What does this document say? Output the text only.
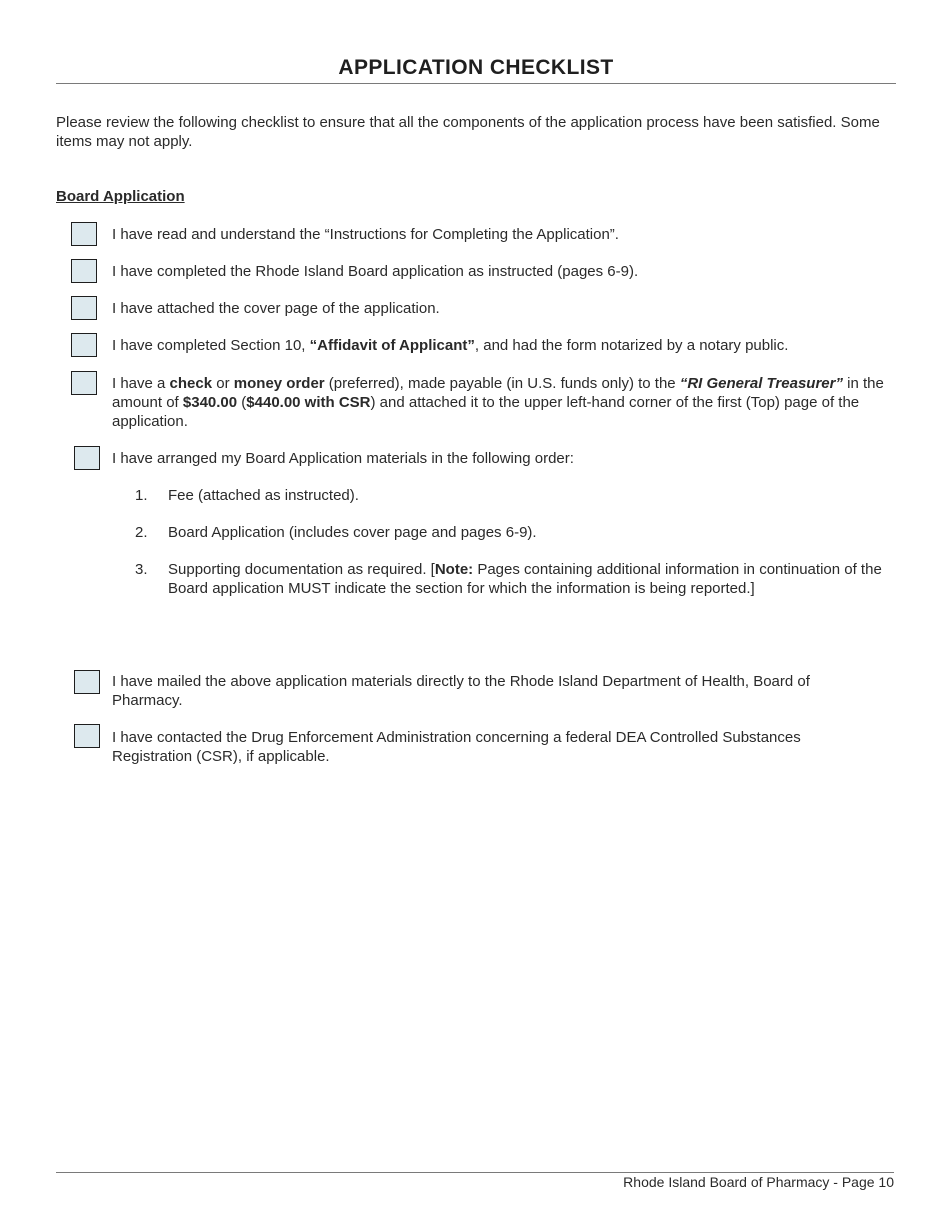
APPLICATION CHECKLIST
Please review the following checklist to ensure that all the components of the application process have been satisfied. Some items may not apply.
Board Application
I have read and understand the “Instructions for Completing the Application”.
I have completed the Rhode Island Board application as instructed (pages 6-9).
I have attached the cover page of the application.
I have completed Section 10, “Affidavit of Applicant”, and had the form notarized by a notary public.
I have a check or money order (preferred), made payable (in U.S. funds only) to the “RI General Treasurer” in the amount of $340.00 ($440.00 with CSR) and attached it to the upper left-hand corner of the first (Top) page of the application.
I have arranged my Board Application materials in the following order:
1.	Fee (attached as instructed).
2.	Board Application (includes cover page and pages 6-9).
3.	Supporting documentation as required. [Note: Pages containing additional information in continuation of the Board application MUST indicate the section for which the information is being reported.]
I have mailed the above application materials directly to the Rhode Island Department of Health, Board of Pharmacy.
I have contacted the Drug Enforcement Administration concerning a federal DEA Controlled Substances Registration (CSR), if applicable.
Rhode Island Board of Pharmacy - Page 10
